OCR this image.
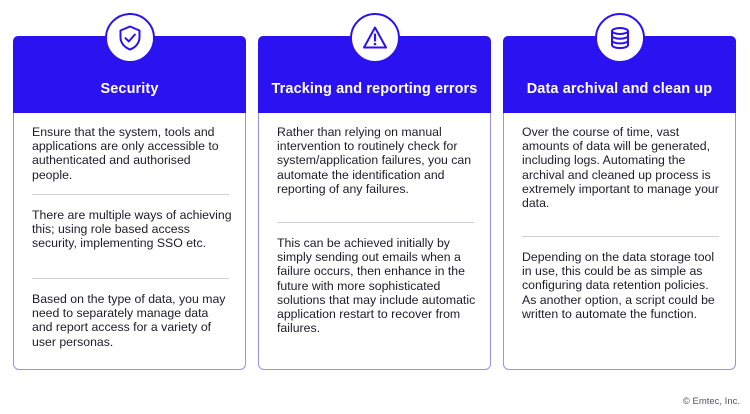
Security
Ensure that the system, tools and applications are only accessible to authenticated and authorised people.
There are multiple ways of achieving this; using role based access security, implementing SSO etc.
Based on the type of data, you may need to separately manage data and report access for a variety of user personas.
Tracking and reporting errors
Rather than relying on manual intervention to routinely check for system/application failures, you can automate the identification and reporting of any failures.
This can be achieved initially by simply sending out emails when a failure occurs, then enhance in the future with more sophisticated solutions that may include automatic application restart to recover from failures.
Data archival and clean up
Over the course of time, vast amounts of data will be generated, including logs. Automating the archival and cleaned up process is extremely important to manage your data.
Depending on the data storage tool in use, this could be as simple as configuring data retention policies. As another option, a script could be written to automate the function.
© Emtec, Inc.
